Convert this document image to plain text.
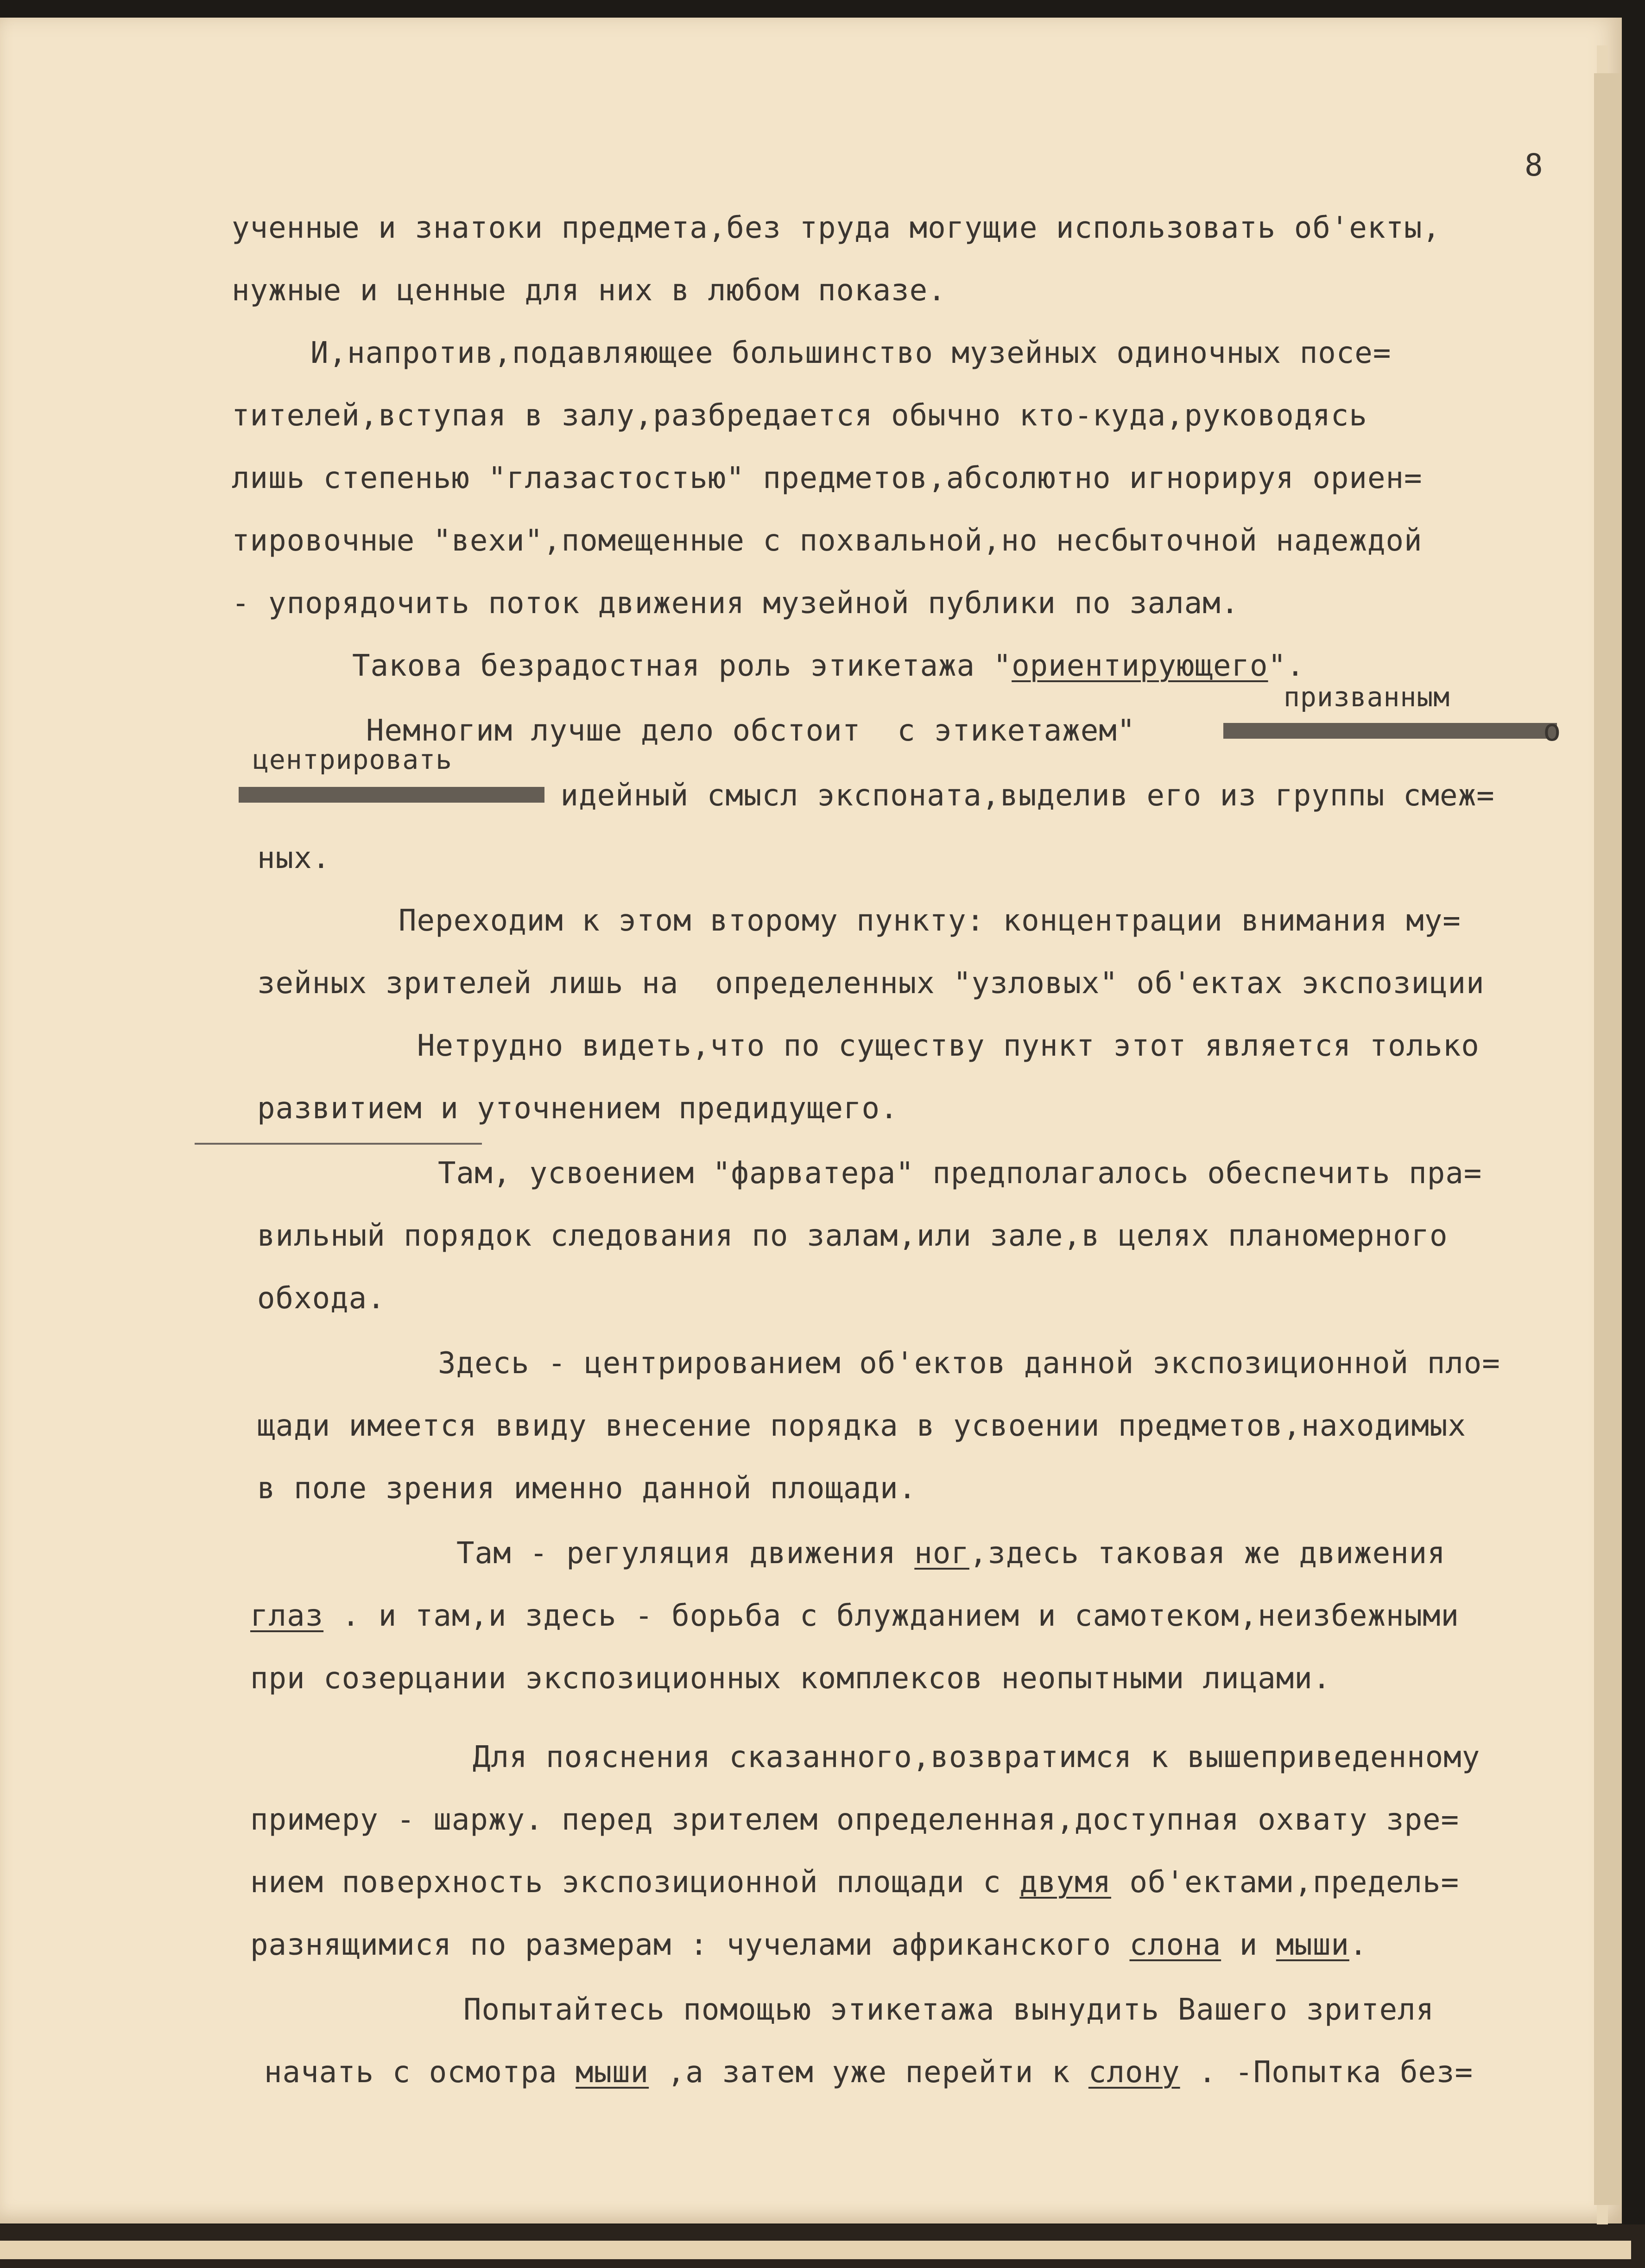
8
ученные и знатоки предмета,без труда могущие использовать об'екты,
нужные и ценные для них в любом показе.
И,напротив,подавляющее большинство музейных одиночных посе=
тителей,вступая в залу,разбредается обычно кто-куда,руководясь
лишь степенью "глазастостью" предметов,абсолютно игнорируя ориен=
тировочные "вехи",помещенные с похвальной,но несбыточной надеждой
- упорядочить поток движения музейной публики по залам.
Такова безрадостная роль этикетажа "ориентирующего".
призванным
Немногим лучше дело обстоит  с этикетажем"	о
центрировать
идейный смысл экспоната,выделив его из группы смеж=
ных.
Переходим к этом второму пункту: концентрации внимания му=
зейных зрителей лишь на  определенных "узловых" об'ектах экспозиции
Нетрудно видеть,что по существу пункт этот является только
развитием и уточнением предидущего.
Там, усвоением "фарватера" предполагалось обеспечить пра=
вильный порядок следования по залам,или зале,в целях планомерного
обхода.
Здесь - центрированием об'ектов данной экспозиционной пло=
щади имеется ввиду внесение порядка в усвоении предметов,находимых
в поле зрения именно данной площади.
Там - регуляция движения ног,здесь таковая же движения
глаз . и там,и здесь - борьба с блужданием и самотеком,неизбежными
при созерцании экспозиционных комплексов неопытными лицами.
Для пояснения сказанного,возвратимся к вышеприведенному
примеру - шаржу. перед зрителем определенная,доступная охвату зре=
нием поверхность экспозиционной площади с двумя об'ектами,предель=
разнящимися по размерам : чучелами африканского слона и мыши.
Попытайтесь помощью этикетажа вынудить Вашего зрителя
начать с осмотра мыши ,а затем уже перейти к слону . -Попытка без=
